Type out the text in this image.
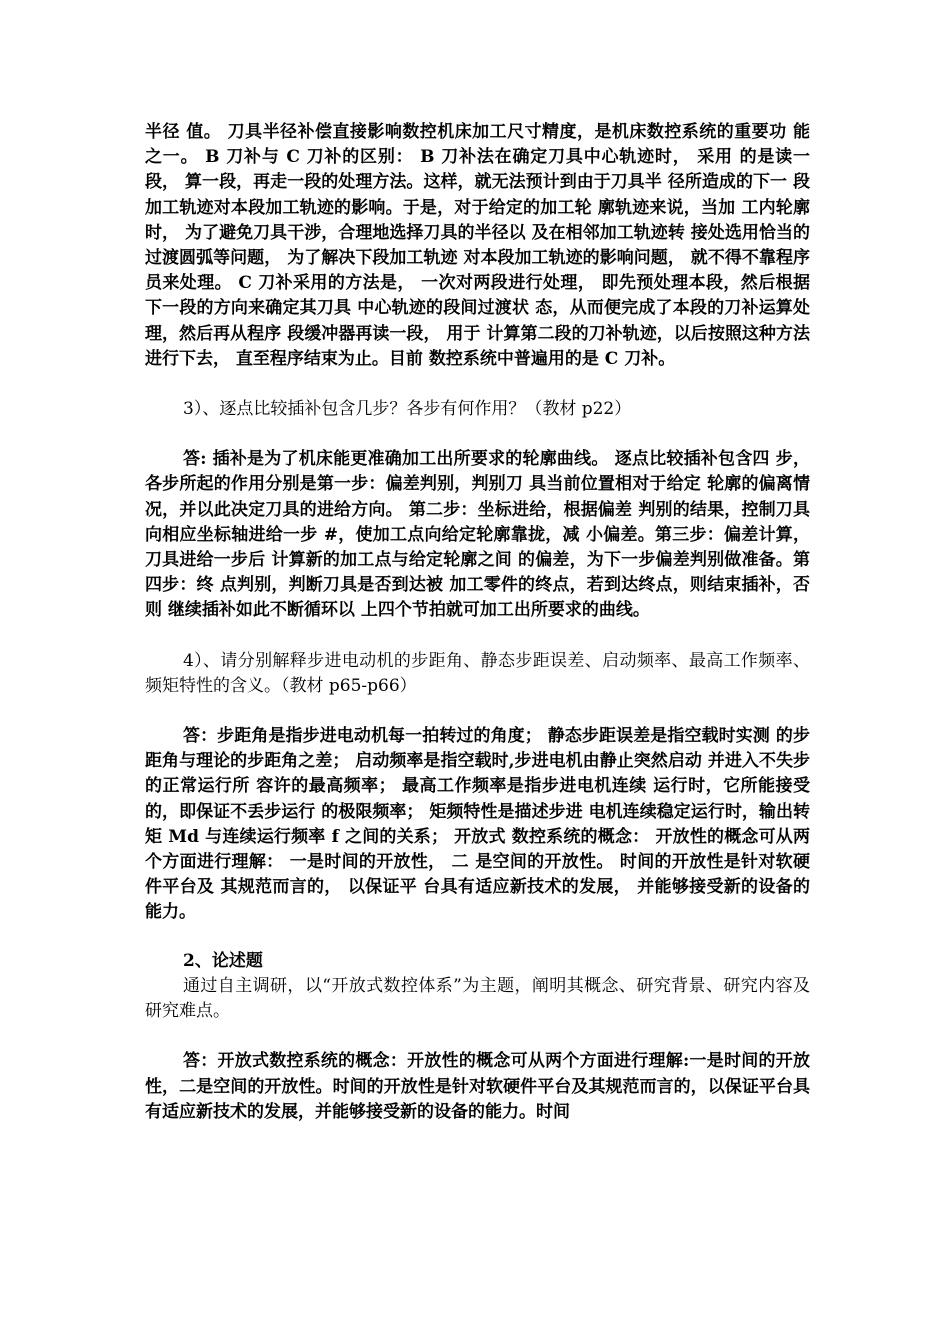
半径 值。 刀具半径补偿直接影响数控机床加工尺寸精度，是机床数控系统的重要功 能 之一。 B 刀补与 C 刀补的区别： B 刀补法在确定刀具中心轨迹时， 采用 的是读一段， 算一段，再走一段的处理方法。这样，就无法预计到由于刀具半 径所造成的下一 段加工轨迹对本段加工轨迹的影响。于是，对于给定的加工轮 廓轨迹来说，当加 工内轮廓时， 为了避免刀具干涉，合理地选择刀具的半径以 及在相邻加工轨迹转 接处选用恰当的过渡圆弧等问题， 为了解决下段加工轨迹 对本段加工轨迹的影响问题， 就不得不靠程序员来处理。 C 刀补采用的方法是， 一次对两段进行处理， 即先预处理本段，然后根据下一段的方向来确定其刀具 中心轨迹的段间过渡状 态，从而便完成了本段的刀补运算处理，然后再从程序 段缓冲器再读一段， 用于 计算第二段的刀补轨迹，以后按照这种方法进行下去， 直至程序结束为止。目前 数控系统中普遍用的是 C 刀补。

3）、逐点比较插补包含几步？各步有何作用？（教材 p22）

答: 插补是为了机床能更准确加工出所要求的轮廓曲线。 逐点比较插补包含四 步，各步所起的作用分别是第一步：偏差判别，判别刀 具当前位置相对于给定 轮廓的偏离情况，并以此决定刀具的进给方向。 第二步：坐标进给，根据偏差 判别的结果，控制刀具向相应坐标轴进给一步 #，使加工点向给定轮廓靠拢，减 小偏差。第三步：偏差计算，刀具进给一步后 计算新的加工点与给定轮廓之间 的偏差，为下一步偏差判别做准备。第四步：终 点判别，判断刀具是否到达被 加工零件的终点，若到达终点，则结束插补，否则 继续插补如此不断循环以 上四个节拍就可加工出所要求的曲线。

4）、请分别解释步进电动机的步距角、静态步距误差、启动频率、最高工作频率、频矩特性的含义。（教材 p65-p66）

答：步距角是指步进电动机每一拍转过的角度； 静态步距误差是指空载时实测 的步距角与理论的步距角之差； 启动频率是指空载时,步进电机由静止突然启动 并进入不失步的正常运行所 容许的最高频率； 最高工作频率是指步进电机连续 运行时，它所能接受的，即保证不丢步运行 的极限频率； 矩频特性是描述步进 电机连续稳定运行时，输出转矩 Md 与连续运行频率 f 之间的关系； 开放式 数控系统的概念： 开放性的概念可从两个方面进行理解： 一是时间的开放性， 二 是空间的开放性。 时间的开放性是针对软硬件平台及 其规范而言的， 以保证平 台具有适应新技术的发展， 并能够接受新的设备的能力。

2、论述题

通过自主调研，以“开放式数控体系”为主题，阐明其概念、研究背景、研究内容及研究难点。

答：开放式数控系统的概念：开放性的概念可从两个方面进行理解:一是时间的开放性，二是空间的开放性。时间的开放性是针对软硬件平台及其规范而言的，以保证平台具有适应新技术的发展，并能够接受新的设备的能力。时间
